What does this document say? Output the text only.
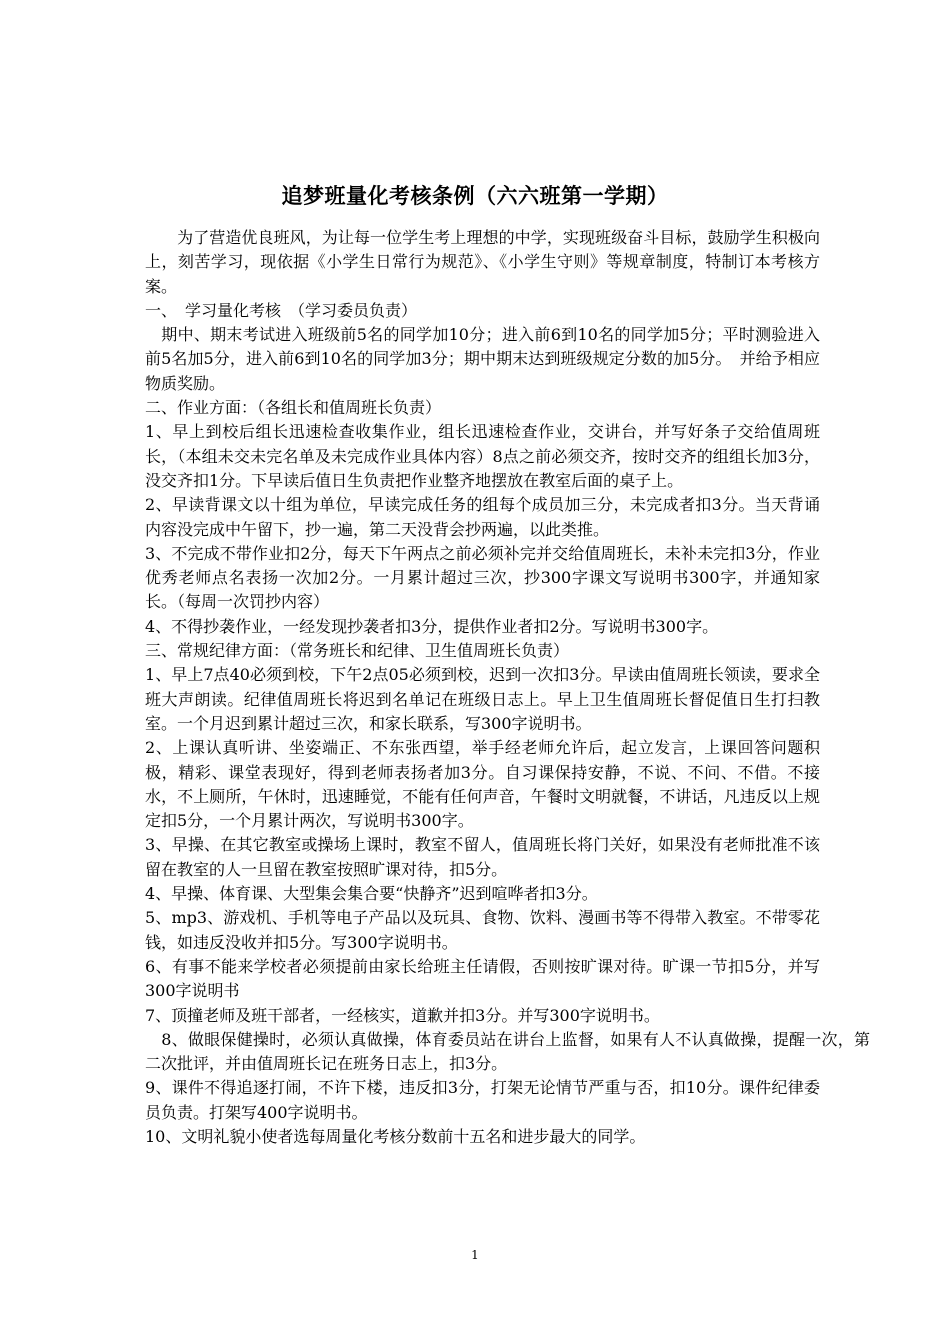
追梦班量化考核条例（六六班第一学期）

　　为了营造优良班风，为让每一位学生考上理想的中学，实现班级奋斗目标，鼓励学生积极向上，刻苦学习，现依据《小学生日常行为规范》、《小学生守则》等规章制度，特制订本考核方案。

一、　学习量化考核　（学习委员负责）

　期中、期末考试进入班级前5名的同学加10分；进入前6到10名的同学加5分；平时测验进入前5名加5分，进入前6到10名的同学加3分；期中期末达到班级规定分数的加5分。　并给予相应物质奖励。

二、作业方面：（各组长和值周班长负责）

1、早上到校后组长迅速检查收集作业，组长迅速检查作业，交讲台，并写好条子交给值周班长，（本组未交未完名单及未完成作业具体内容）8点之前必须交齐，按时交齐的组组长加3分，没交齐扣1分。下早读后值日生负责把作业整齐地摆放在教室后面的桌子上。

2、早读背课文以十组为单位，早读完成任务的组每个成员加三分，未完成者扣3分。当天背诵内容没完成中午留下，抄一遍，第二天没背会抄两遍，以此类推。

3、不完成不带作业扣2分，每天下午两点之前必须补完并交给值周班长，未补未完扣3分，作业优秀老师点名表扬一次加2分。一月累计超过三次，抄300字课文写说明书300字，并通知家长。（每周一次罚抄内容）

4、不得抄袭作业，一经发现抄袭者扣3分，提供作业者扣2分。写说明书300字。

三、常规纪律方面：（常务班长和纪律、卫生值周班长负责）

1、早上7点40必须到校，下午2点05必须到校，迟到一次扣3分。早读由值周班长领读，要求全班大声朗读。纪律值周班长将迟到名单记在班级日志上。早上卫生值周班长督促值日生打扫教室。一个月迟到累计超过三次，和家长联系，写300字说明书。

2、上课认真听讲、坐姿端正、不东张西望，举手经老师允许后，起立发言，上课回答问题积极，精彩、课堂表现好，得到老师表扬者加3分。自习课保持安静，不说、不问、不借。不接水，不上厕所，午休时，迅速睡觉，不能有任何声音，午餐时文明就餐，不讲话，凡违反以上规定扣5分，一个月累计两次，写说明书300字。

3、早操、在其它教室或操场上课时，教室不留人，值周班长将门关好，如果没有老师批准不该留在教室的人一旦留在教室按照旷课对待，扣5分。

4、早操、体育课、大型集会集合要“快静齐”迟到喧哗者扣3分。

5、mp3、游戏机、手机等电子产品以及玩具、食物、饮料、漫画书等不得带入教室。不带零花钱，如违反没收并扣5分。写300字说明书。

6、有事不能来学校者必须提前由家长给班主任请假，否则按旷课对待。旷课一节扣5分，并写300字说明书

7、顶撞老师及班干部者，一经核实，道歉并扣3分。并写300字说明书。

　8、做眼保健操时，必须认真做操，体育委员站在讲台上监督，如果有人不认真做操，提醒一次，第二次批评，并由值周班长记在班务日志上，扣3分。

9、课件不得追逐打闹，不许下楼，违反扣3分，打架无论情节严重与否，扣10分。课件纪律委员负责。打架写400字说明书。

10、文明礼貌小使者选每周量化考核分数前十五名和进步最大的同学。

1
